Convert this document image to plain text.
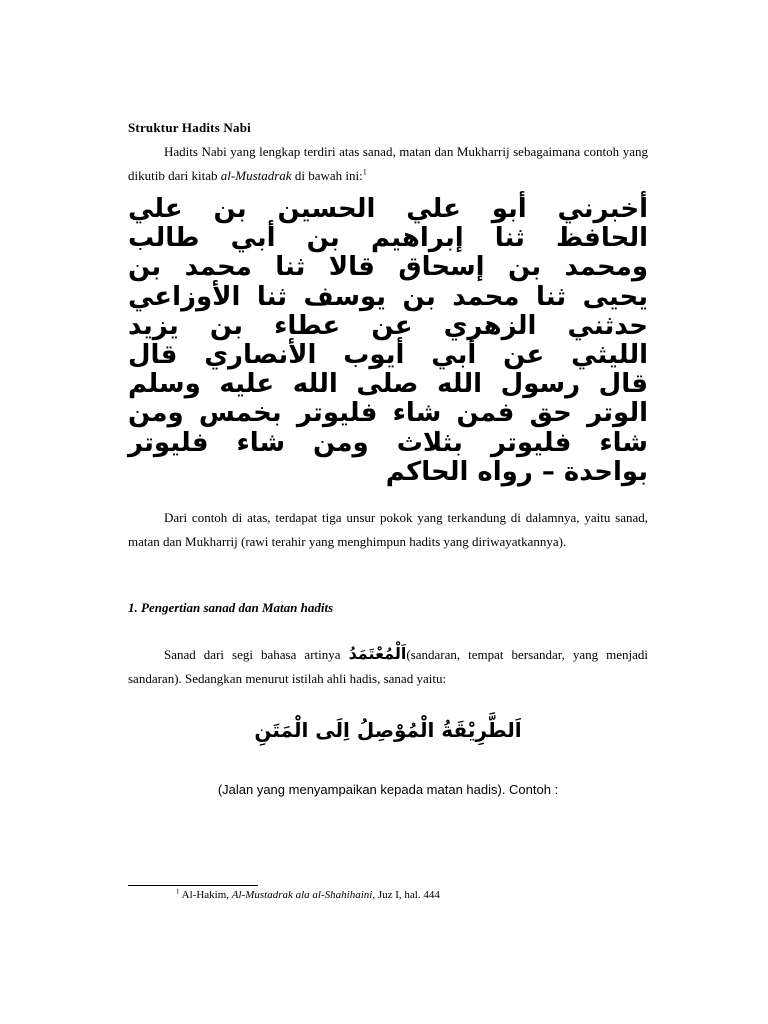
Struktur Hadits Nabi
Hadits Nabi yang lengkap terdiri atas sanad, matan dan Mukharrij sebagaimana contoh yang dikutib dari kitab al-Mustadrak di bawah ini:$^1$
أخبرني أبو علي الحسين بن علي
الحافظ ثنا إبراهيم بن أبي طالب
ومحمد بن إسحاق قالا ثنا محمد بن
يحيى ثنا محمد بن يوسف ثنا الأوزاعي
حدثني الزهري عن عطاء بن يزيد
الليثي عن أبي أيوب الأنصاري قال
قال رسول الله صلى الله عليه وسلم
الوتر حق فمن شاء فليوتر بخمس ومن
شاء فليوتر بثلاث ومن شاء فليوتر
بواحدة – رواه الحاكم
Dari contoh di atas, terdapat tiga unsur pokok yang terkandung di dalamnya, yaitu sanad, matan dan Mukharrij (rawi terahir yang menghimpun hadits yang diriwayatkannya).
1. Pengertian sanad dan Matan hadits
Sanad dari segi bahasa artinya اَلْمُعْتَمَدُ(sandaran, tempat bersandar, yang menjadi sandaran). Sedangkan menurut istilah ahli hadis, sanad yaitu:
اَلطَّرِيْقَةُ الْمُوْصِلُ اِلَى الْمَتَنِ
(Jalan yang menyampaikan kepada matan hadis). Contoh :
$^1$ Al-Hakim, Al-Mustadrak ala al-Shahihaini, Juz I, hal. 444
